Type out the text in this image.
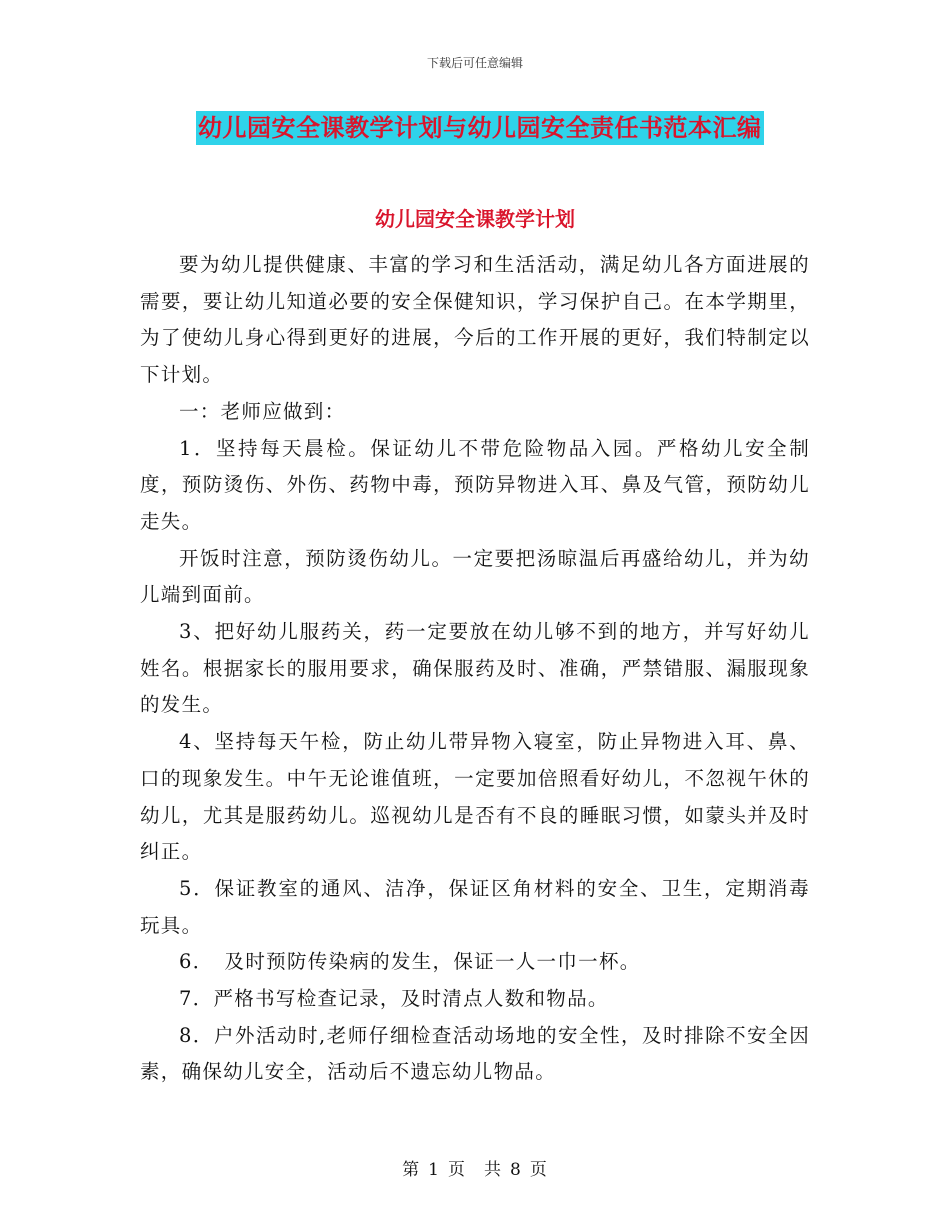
下载后可任意编辑
幼儿园安全课教学计划与幼儿园安全责任书范本汇编
幼儿园安全课教学计划

要为幼儿提供健康、丰富的学习和生活活动，满足幼儿各方面进展的需要，要让幼儿知道必要的安全保健知识，学习保护自己。在本学期里，为了使幼儿身心得到更好的进展，今后的工作开展的更好，我们特制定以下计划。

一：老师应做到：

1．坚持每天晨检。保证幼儿不带危险物品入园。严格幼儿安全制度，预防烫伤、外伤、药物中毒，预防异物进入耳、鼻及气管，预防幼儿走失。

开饭时注意，预防烫伤幼儿。一定要把汤晾温后再盛给幼儿，并为幼儿端到面前。

3、把好幼儿服药关，药一定要放在幼儿够不到的地方，并写好幼儿姓名。根据家长的服用要求，确保服药及时、准确，严禁错服、漏服现象的发生。

4、坚持每天午检，防止幼儿带异物入寝室，防止异物进入耳、鼻、口的现象发生。中午无论谁值班，一定要加倍照看好幼儿，不忽视午休的幼儿，尤其是服药幼儿。巡视幼儿是否有不良的睡眠习惯，如蒙头并及时纠正。

5．保证教室的通风、洁净，保证区角材料的安全、卫生，定期消毒玩具。

6．　及时预防传染病的发生，保证一人一巾一杯。

7．严格书写检查记录，及时清点人数和物品。

8．户外活动时,老师仔细检查活动场地的安全性，及时排除不安全因素，确保幼儿安全，活动后不遗忘幼儿物品。

第 1 页　共 8 页
